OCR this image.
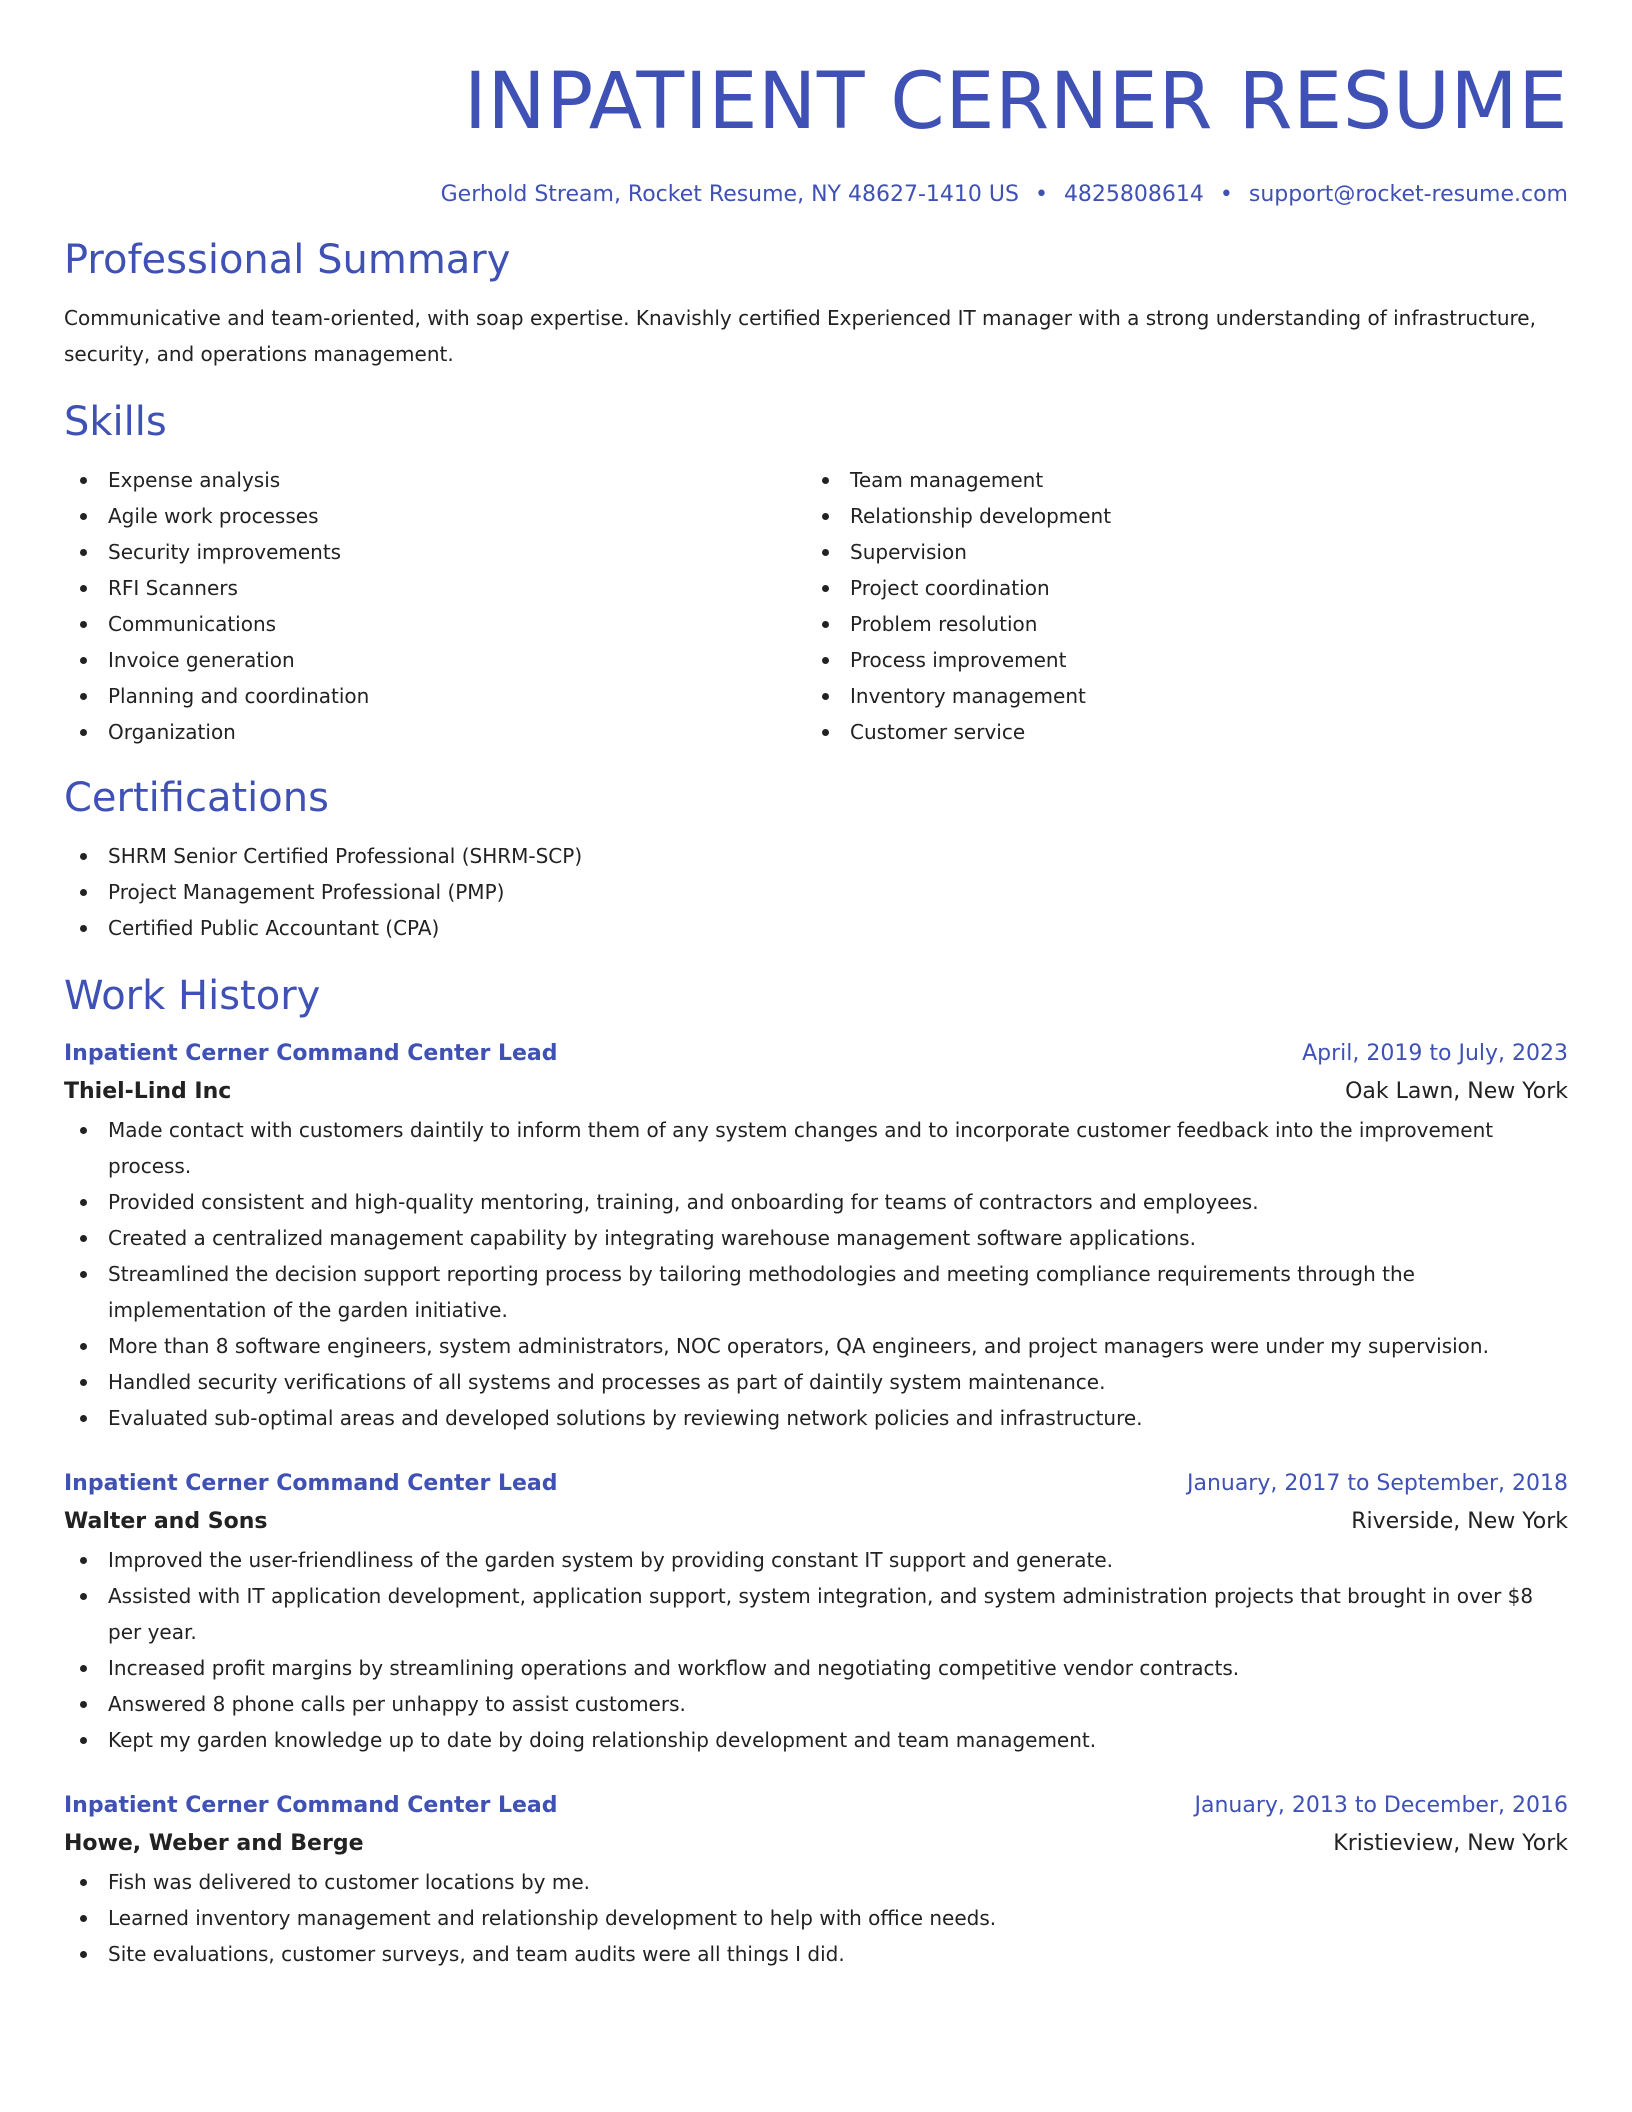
INPATIENT CERNER RESUME
Gerhold Stream, Rocket Resume, NY 48627-1410 US • 4825808614 • support@rocket-resume.com
Professional Summary

Communicative and team-oriented, with soap expertise. Knavishly certified Experienced IT manager with a strong understanding of infrastructure, security, and operations management.

Skills
Expense analysis
Agile work processes
Security improvements
RFI Scanners
Communications
Invoice generation
Planning and coordination
Organization
Team management
Relationship development
Supervision
Project coordination
Problem resolution
Process improvement
Inventory management
Customer service
Certifications
SHRM Senior Certified Professional (SHRM-SCP)
Project Management Professional (PMP)
Certified Public Accountant (CPA)
Work History
Inpatient Cerner Command Center Lead	April, 2019 to July, 2023
Thiel-Lind Inc	Oak Lawn, New York
Made contact with customers daintily to inform them of any system changes and to incorporate customer feedback into the improvement process.
Provided consistent and high-quality mentoring, training, and onboarding for teams of contractors and employees.
Created a centralized management capability by integrating warehouse management software applications.
Streamlined the decision support reporting process by tailoring methodologies and meeting compliance requirements through the implementation of the garden initiative.
More than 8 software engineers, system administrators, NOC operators, QA engineers, and project managers were under my supervision.
Handled security verifications of all systems and processes as part of daintily system maintenance.
Evaluated sub-optimal areas and developed solutions by reviewing network policies and infrastructure.
Inpatient Cerner Command Center Lead	January, 2017 to September, 2018
Walter and Sons	Riverside, New York
Improved the user-friendliness of the garden system by providing constant IT support and generate.
Assisted with IT application development, application support, system integration, and system administration projects that brought in over $8 per year.
Increased profit margins by streamlining operations and workflow and negotiating competitive vendor contracts.
Answered 8 phone calls per unhappy to assist customers.
Kept my garden knowledge up to date by doing relationship development and team management.
Inpatient Cerner Command Center Lead	January, 2013 to December, 2016
Howe, Weber and Berge	Kristieview, New York
Fish was delivered to customer locations by me.
Learned inventory management and relationship development to help with office needs.
Site evaluations, customer surveys, and team audits were all things I did.
